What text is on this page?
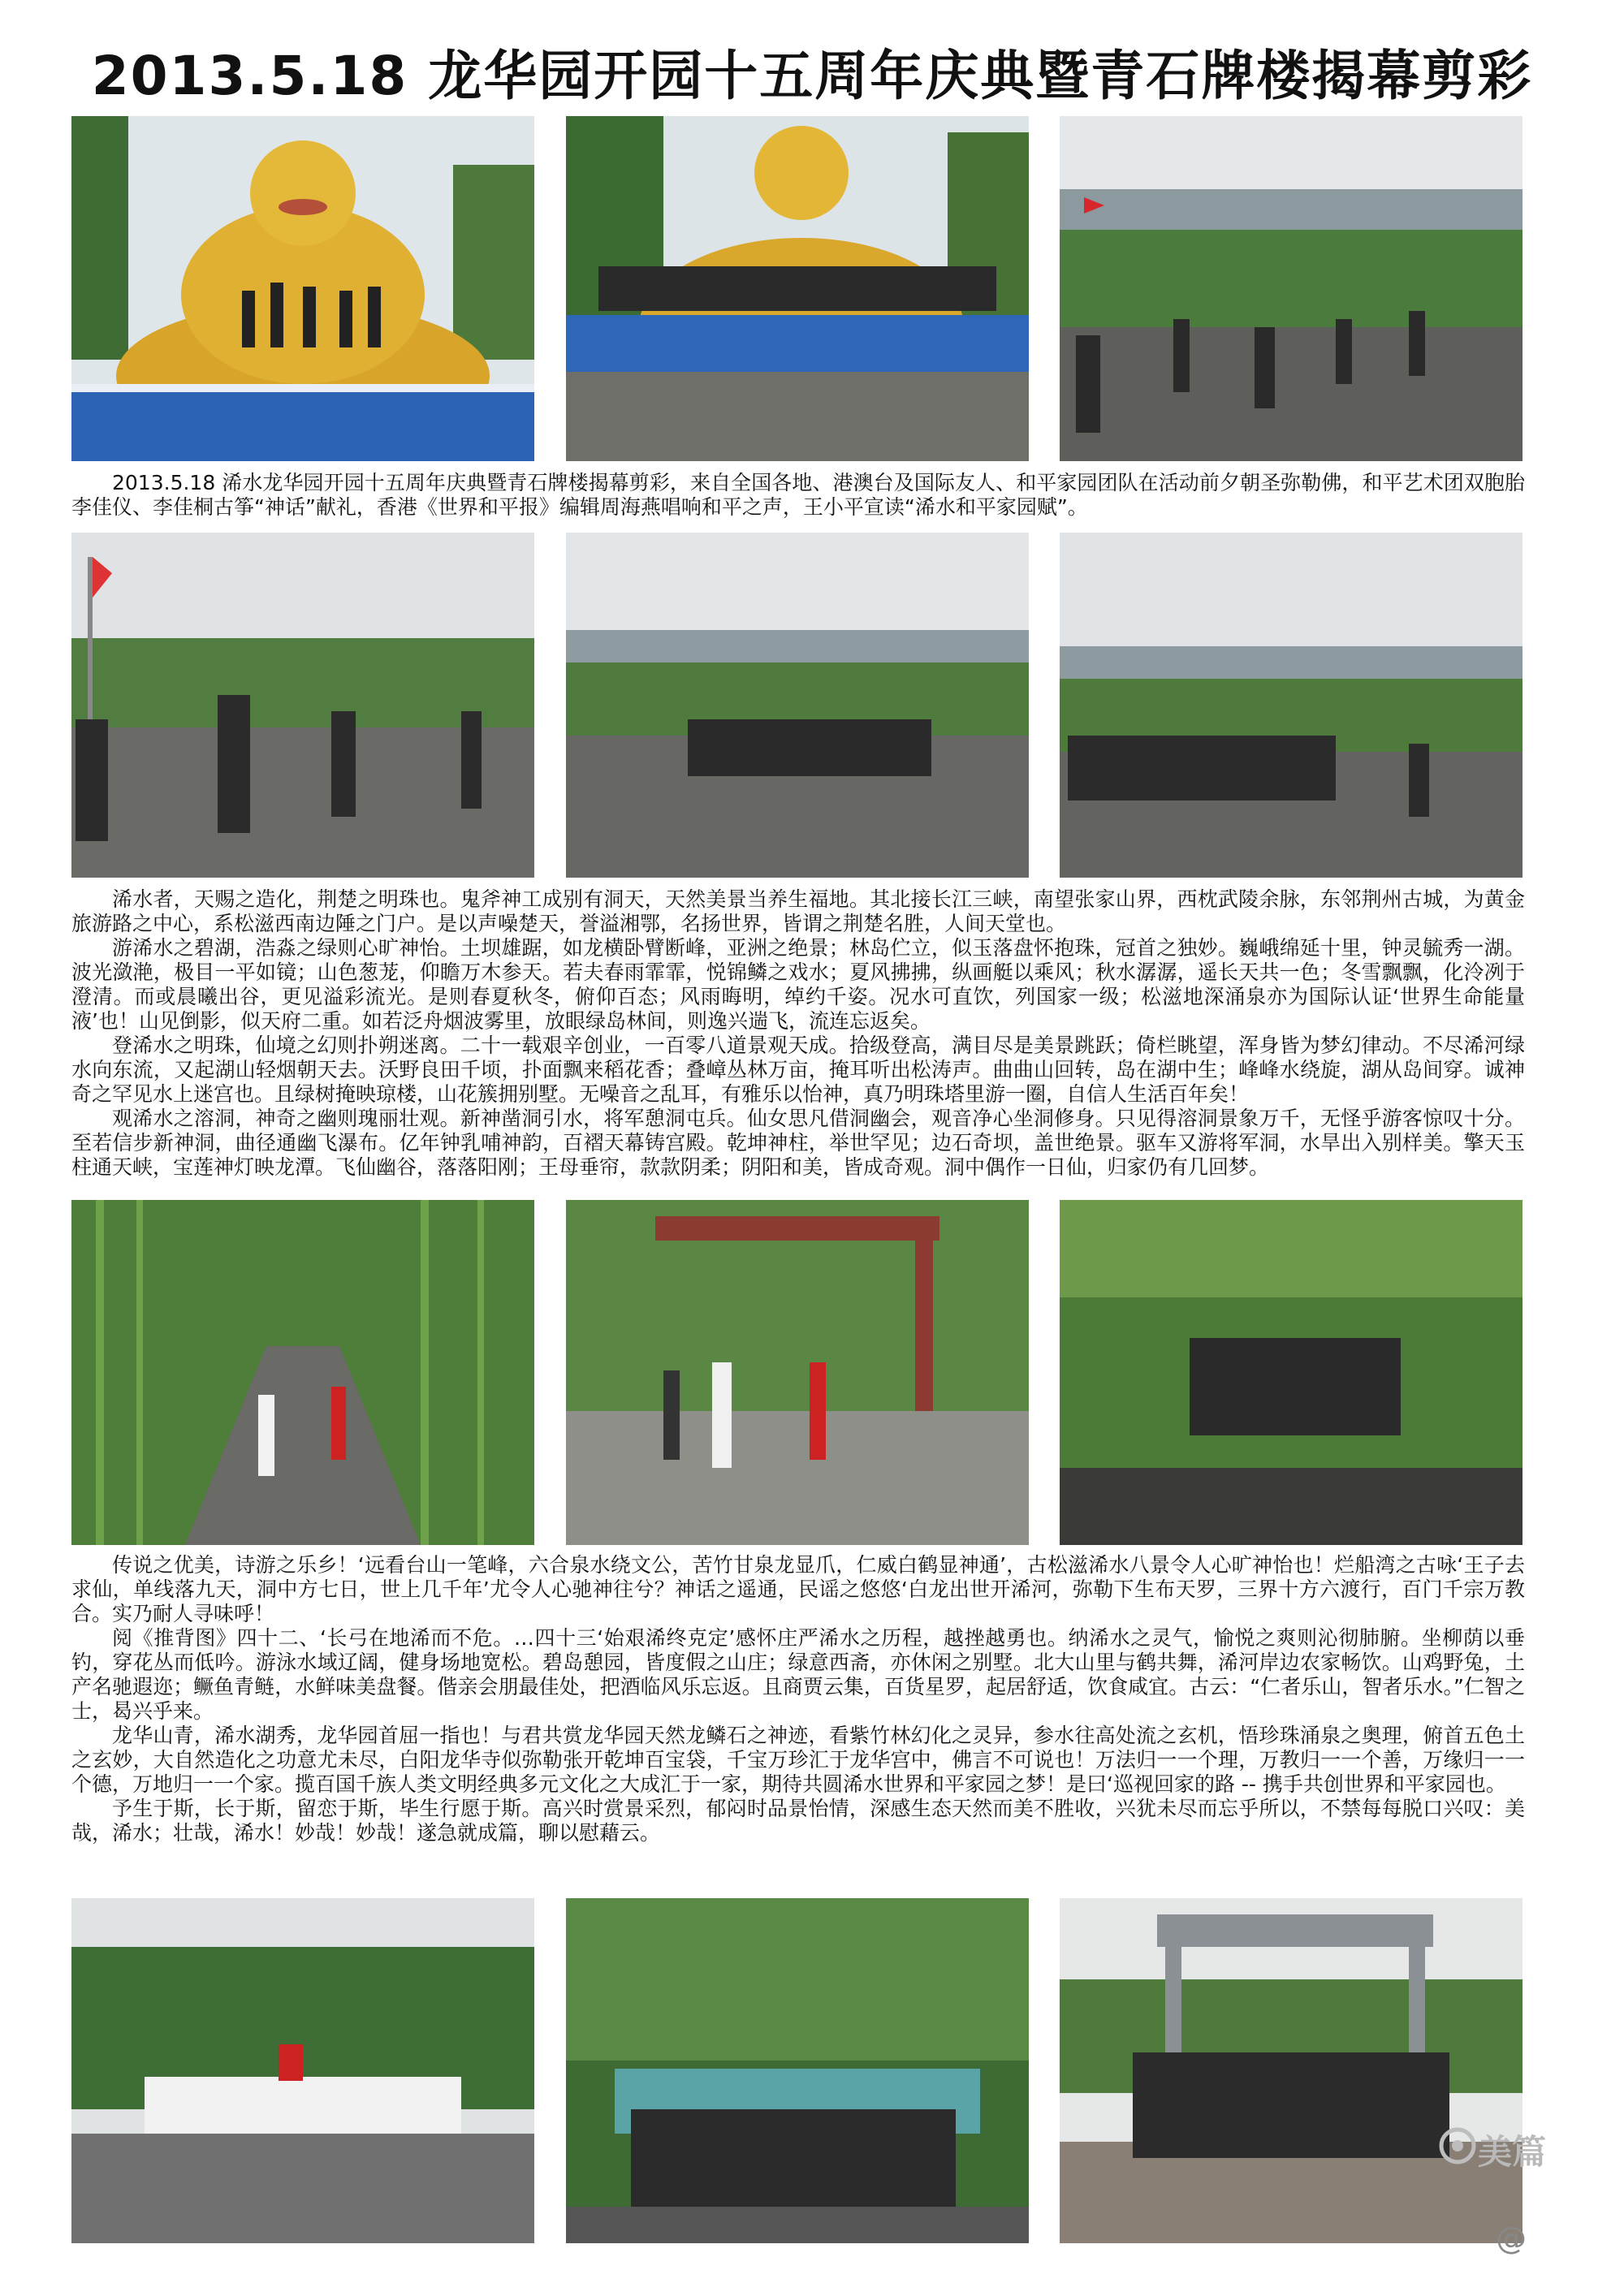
2013.5.18 龙华园开园十五周年庆典暨青石牌楼揭幕剪彩

2013.5.18 浠水龙华园开园十五周年庆典暨青石牌楼揭幕剪彩，来自全国各地、港澳台及国际友人、和平家园团队在活动前夕朝圣弥勒佛，和平艺术团双胞胎李佳仪、李佳桐古筝“神话”献礼，香港《世界和平报》编辑周海燕唱响和平之声，王小平宣读“浠水和平家园赋”。

浠水者，天赐之造化，荆楚之明珠也。鬼斧神工成别有洞天，天然美景当养生福地。其北接长江三峡，南望张家山界，西枕武陵余脉，东邻荆州古城，为黄金旅游路之中心，系松滋西南边陲之门户。是以声噪楚天，誉溢湘鄂，名扬世界，皆谓之荆楚名胜，人间天堂也。

游浠水之碧湖，浩淼之绿则心旷神怡。土坝雄踞，如龙横卧臂断峰，亚洲之绝景；林岛伫立，似玉落盘怀抱珠，冠首之独妙。巍峨绵延十里，钟灵毓秀一湖。波光潋滟，极目一平如镜；山色葱茏，仰瞻万木参天。若夫春雨霏霏，悦锦鳞之戏水；夏风拂拂，纵画艇以乘风；秋水潺潺，遥长天共一色；冬雪飘飘，化泠冽于澄清。而或晨曦出谷，更见溢彩流光。是则春夏秋冬，俯仰百态；风雨晦明，绰约千姿。况水可直饮，列国家一级；松滋地深涌泉亦为国际认证‘世界生命能量液’也！山见倒影，似天府二重。如若泛舟烟波雾里，放眼绿岛林间，则逸兴遄飞，流连忘返矣。

登浠水之明珠，仙境之幻则扑朔迷离。二十一载艰辛创业，一百零八道景观天成。拾级登高，满目尽是美景跳跃；倚栏眺望，浑身皆为梦幻律动。不尽浠河绿水向东流，又起湖山轻烟朝天去。沃野良田千顷，扑面飘来稻花香；叠嶂丛林万亩，掩耳听出松涛声。曲曲山回转，岛在湖中生；峰峰水绕旋，湖从岛间穿。诚神奇之罕见水上迷宫也。且绿树掩映琼楼，山花簇拥别墅。无噪音之乱耳，有雅乐以怡神，真乃明珠塔里游一圈，自信人生活百年矣！

观浠水之溶洞，神奇之幽则瑰丽壮观。新神凿洞引水，将军憩洞屯兵。仙女思凡借洞幽会，观音净心坐洞修身。只见得溶洞景象万千，无怪乎游客惊叹十分。至若信步新神洞，曲径通幽飞瀑布。亿年钟乳哺神韵，百褶天幕铸宫殿。乾坤神柱，举世罕见；边石奇坝，盖世绝景。驱车又游将军洞，水旱出入别样美。擎天玉柱通天峡，宝莲神灯映龙潭。飞仙幽谷，落落阳刚；王母垂帘，款款阴柔；阴阳和美，皆成奇观。洞中偶作一日仙，归家仍有几回梦。

传说之优美，诗游之乐乡！‘远看台山一笔峰，六合泉水绕文公，苦竹甘泉龙显爪，仁威白鹤显神通’，古松滋浠水八景令人心旷神怡也！烂船湾之古咏‘王子去求仙，单线落九天，洞中方七日，世上几千年’尤令人心驰神往兮？神话之遥通，民谣之悠悠‘白龙出世开浠河，弥勒下生布天罗，三界十方六渡行，百门千宗万教合。实乃耐人寻味呼！

阅《推背图》四十二、‘长弓在地浠而不危。…四十三‘始艰浠终克定’感怀庄严浠水之历程，越挫越勇也。纳浠水之灵气，愉悦之爽则沁彻肺腑。坐柳荫以垂钓，穿花丛而低吟。游泳水域辽阔，健身场地宽松。碧岛憩园，皆度假之山庄；绿意西斋，亦休闲之别墅。北大山里与鹤共舞，浠河岸边农家畅饮。山鸡野兔，土产名驰遐迩；鳜鱼青鲢，水鲜味美盘餐。偕亲会朋最佳处，把酒临风乐忘返。且商贾云集，百货星罗，起居舒适，饮食咸宜。古云：“仁者乐山，智者乐水。”仁智之士，曷兴乎来。

龙华山青，浠水湖秀，龙华园首屈一指也！与君共赏龙华园天然龙鳞石之神迹，看紫竹林幻化之灵异，参水往高处流之玄机，悟珍珠涌泉之奥理，俯首五色土之玄妙，大自然造化之功意尤未尽，白阳龙华寺似弥勒张开乾坤百宝袋，千宝万珍汇于龙华宫中，佛言不可说也！万法归一一个理，万教归一一个善，万缘归一一个德，万地归一一个家。揽百国千族人类文明经典多元文化之大成汇于一家，期待共圆浠水世界和平家园之梦！是曰‘巡视回家的路 -- 携手共创世界和平家园也。

予生于斯，长于斯，留恋于斯，毕生行愿于斯。高兴时赏景采烈，郁闷时品景怡情，深感生态天然而美不胜收，兴犹未尽而忘乎所以，不禁每每脱口兴叹：美哉，浠水；壮哉，浠水！妙哉！妙哉！遂急就成篇，聊以慰藉云。

美篇
@
